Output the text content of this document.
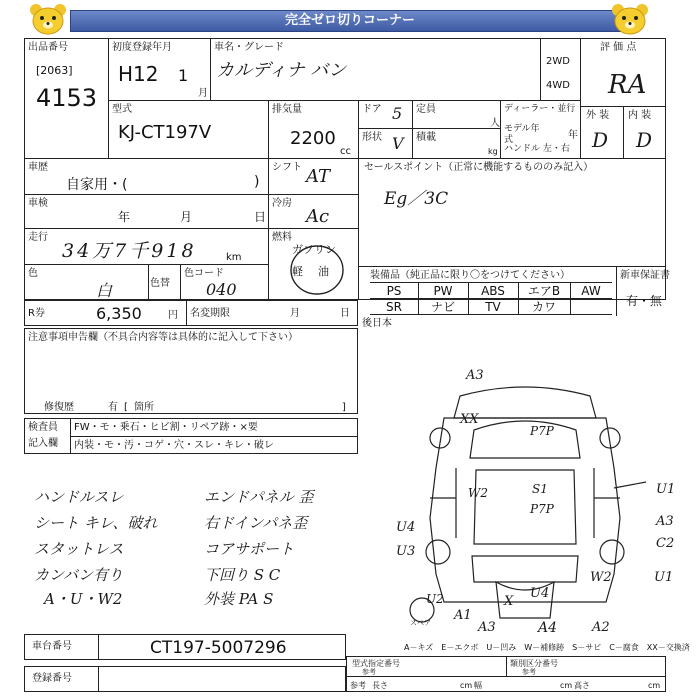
完全ゼロ切りコーナー
出品番号
[2063]
4153
初度登録年月
H12 1
月
車名・グレード
カルディナ バン	2WD
4WD
評 価 点
RA
外 装 内 装
D D
型式
KJ-CT197V
排気量
2200
cc
ドア 5 定員
人
形状 V 積載
kg
ディーラー・並行
モデル年式	年
ハンドル 左・右
車歴
自家用・(	)
シフト AT
車検
年	月	日
冷房
Ac
走行
34万7千918	km
燃料
ガソリン
軽 油
色
白	色替
色コード
040
R券	6,350	円 名変期限	月	日
セールスポイント（正常に機能するもののみ記入）
Eg／3C
装備品（純正品に限り〇をつけてください）	新車保証書
有・無
PS	PW	ABS	エアB	AW
SR	ナビ	TV	カワ
後日本
注意事項申告欄（不具合内容等は具体的に記入して下さい）
修復歴	有 [ 箇所	]
検査員
記入欄
FW・モ・乗石・ヒビ割・リペア跡・×要
内装・モ・汚・コゲ・穴・スレ・キレ・破レ
ハンドルスレ
シート キレ、破れ
スタットレス
カンバン有り
A・U・W2
エンドパネル 歪
右ドインパネ歪
コアサポート
下回り S C
外装 PA S
A3
XX
P7P
S1
P7P
W2	U1
U4	A3
C2
U3
W2	U1
U2
A1
X
U4
A3	A4	A2
スペア
A－キズ　E－エクボ　U－凹み　W－補修跡　S－サビ　C－腐食　XX－交換済
車台番号	CT197-5007296
登録番号
型式指定番号
参考
類別区分番号
参考
参考 長さ	cm 幅	cm 高さ	cm
